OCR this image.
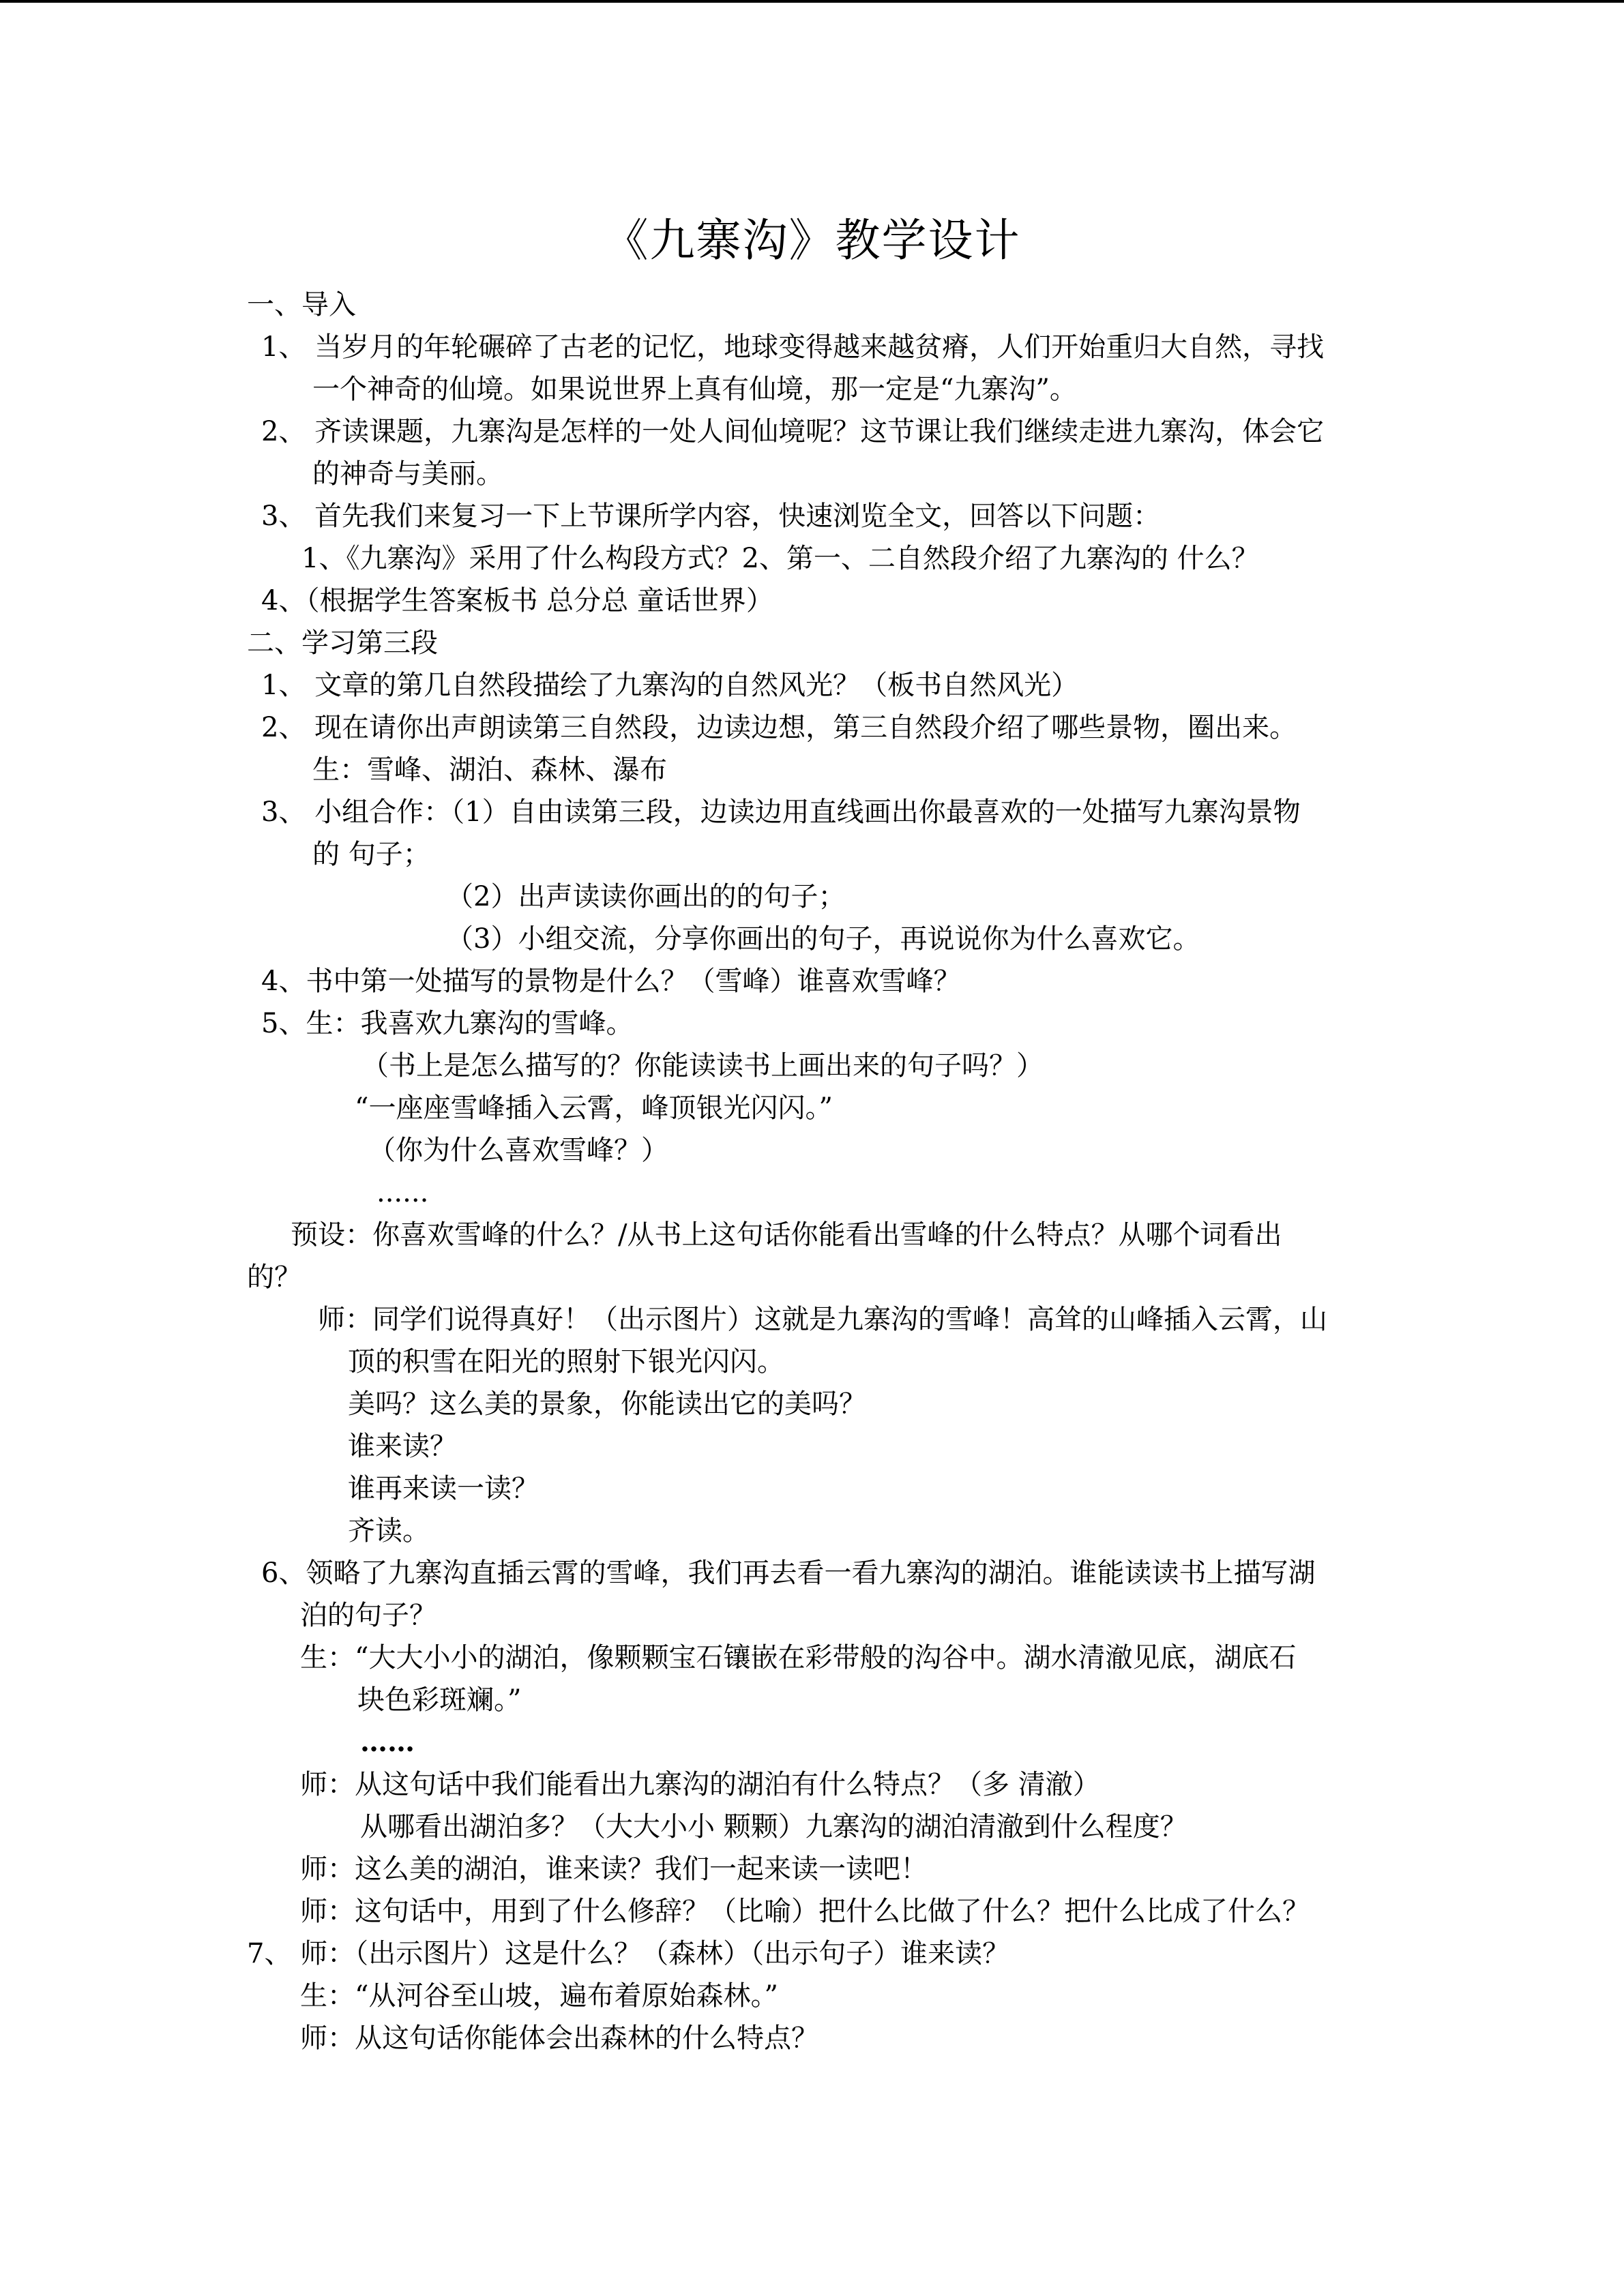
《九寨沟》教学设计
一、导入
1、 当岁月的年轮碾碎了古老的记忆，地球变得越来越贫瘠，人们开始重归大自然，寻找
一个神奇的仙境。如果说世界上真有仙境，那一定是“九寨沟”。
2、 齐读课题，九寨沟是怎样的一处人间仙境呢？这节课让我们继续走进九寨沟，体会它
的神奇与美丽。
3、 首先我们来复习一下上节课所学内容，快速浏览全文，回答以下问题：
1、《九寨沟》采用了什么构段方式？2、第一、二自然段介绍了九寨沟的 什么？
4、（根据学生答案板书 总分总 童话世界）
二、学习第三段
1、 文章的第几自然段描绘了九寨沟的自然风光？（板书自然风光）
2、 现在请你出声朗读第三自然段，边读边想，第三自然段介绍了哪些景物，圈出来。
生：雪峰、湖泊、森林、瀑布
3、 小组合作：（1）自由读第三段，边读边用直线画出你最喜欢的一处描写九寨沟景物
的 句子；
（2）出声读读你画出的的句子；
（3）小组交流，分享你画出的句子，再说说你为什么喜欢它。
4、书中第一处描写的景物是什么？（雪峰）谁喜欢雪峰？
5、生：我喜欢九寨沟的雪峰。
（书上是怎么描写的？你能读读书上画出来的句子吗？）
“一座座雪峰插入云霄，峰顶银光闪闪。”
（你为什么喜欢雪峰？）
......
预设：你喜欢雪峰的什么？/从书上这句话你能看出雪峰的什么特点？从哪个词看出
的？
师：同学们说得真好！（出示图片）这就是九寨沟的雪峰！高耸的山峰插入云霄，山
顶的积雪在阳光的照射下银光闪闪。
美吗？这么美的景象，你能读出它的美吗？
谁来读？
谁再来读一读？
齐读。
6、领略了九寨沟直插云霄的雪峰，我们再去看一看九寨沟的湖泊。谁能读读书上描写湖
泊的句子？
生：“大大小小的湖泊，像颗颗宝石镶嵌在彩带般的沟谷中。湖水清澈见底，湖底石
块色彩斑斓。”
……
师：从这句话中我们能看出九寨沟的湖泊有什么特点？（多 清澈）
从哪看出湖泊多？（大大小小 颗颗）九寨沟的湖泊清澈到什么程度？
师：这么美的湖泊，谁来读？我们一起来读一读吧！
师：这句话中，用到了什么修辞？（比喻）把什么比做了什么？把什么比成了什么？
7、 师：（出示图片）这是什么？（森林）（出示句子）谁来读？
生：“从河谷至山坡，遍布着原始森林。”
师：从这句话你能体会出森林的什么特点？
